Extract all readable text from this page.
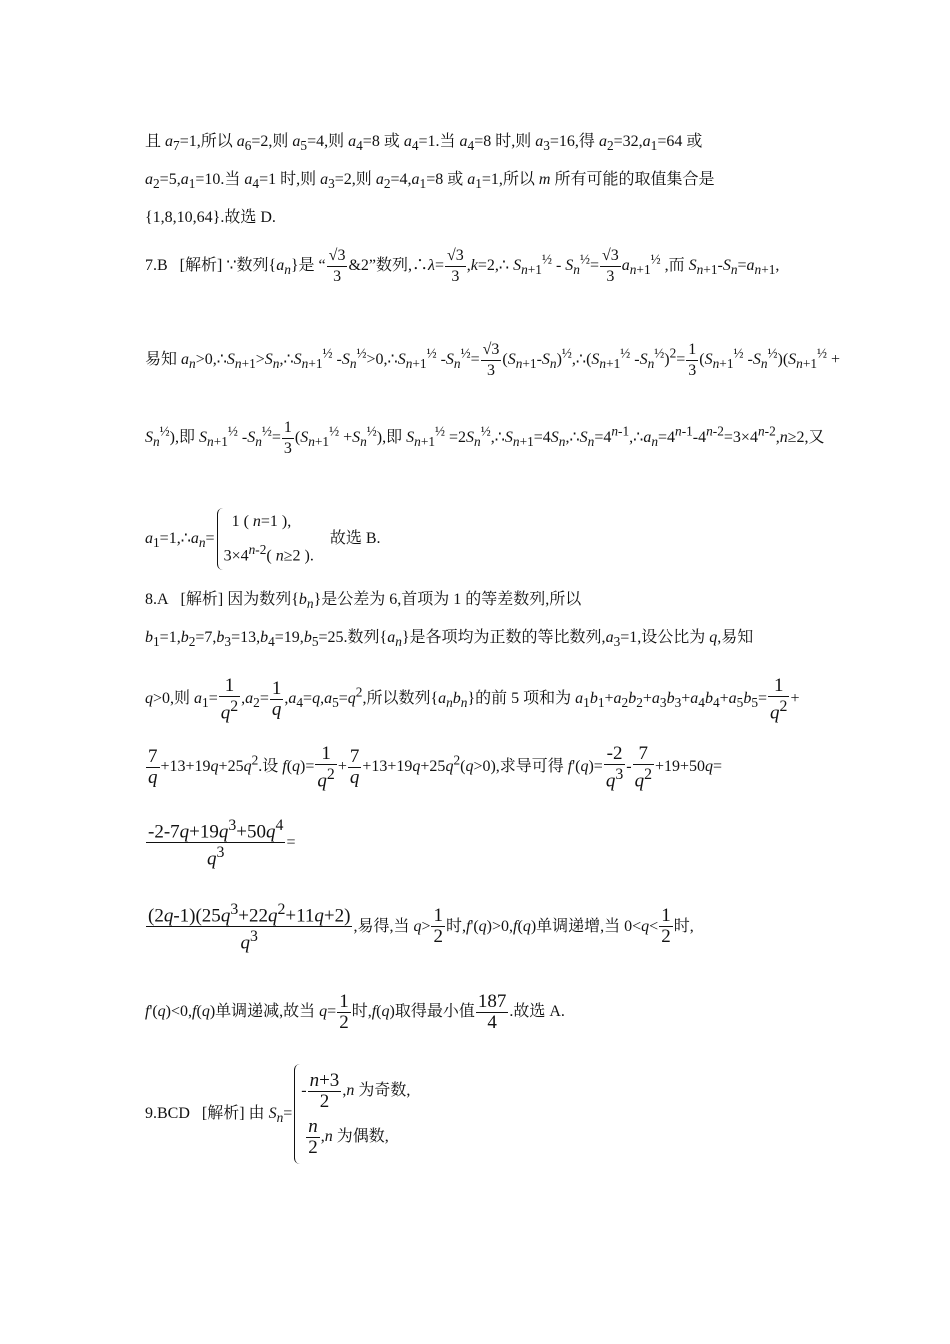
且 $a_7=1$,所以 $a_6=2$,则 $a_5=4$,则 $a_4=8$ 或 $a_4=1$.当 $a_4=8$ 时,则 $a_3=16$,得 $a_2=32,a_1=64$ 或
$a_2=5,a_1=10$.当 $a_4=1$ 时,则 $a_3=2$,则 $a_2=4,a_1=8$ 或 $a_1=1$,所以 m 所有可能的取值集合是
{1,8,10,64}.故选 D.
7.B   [解析] ∵数列$\{a_n\}$是 “ $\frac{√3}{3}$ &2”数列,∴λ= $\frac{√3}{3}$ ,k=2,∴ $S_{n+1}^{\frac{1}{2}} - S_n^{\frac{1}{2}}= \frac{√3}{3} a_{n+1}^{\frac{1}{2}}$ ,而 $S_{n+1}-S_n=a_{n+1}$,
易知 $a_n>0,\therefore S_{n+1}>S_n,\therefore S_{n+1}^{\frac{1}{2}}$ $-S_n^{\frac{1}{2}}>0,\therefore S_{n+1}^{\frac{1}{2}}$ $-S_n^{\frac{1}{2}}= \frac{√3}{3}$ $(S_{n+1}-S_n)^{\frac{1}{2}},\therefore(S_{n+1}^{\frac{1}{2}}$ $-S_n^{\frac{1}{2}})^2= \frac{1}{3} (S_{n+1}^{\frac{1}{2}}$ $-S_n^{\frac{1}{2}})(S_{n+1}^{\frac{1}{2}}$ +
$S_n^{\frac{1}{2}}$),即 $S_{n+1}^{\frac{1}{2}}$ $-S_n^{\frac{1}{2}}= \frac{1}{3} (S_{n+1}^{\frac{1}{2}} +S_n^{\frac{1}{2}})$,即 $S_{n+1}^{\frac{1}{2}}$ $=2S_n^{\frac{1}{2}},\therefore S_{n+1}=4S_n,\therefore S_n=4^{n-1},\therefore a_n=4^{n-1}-4^{n-2}=3\times 4^{n-2},n\ge 2$,又
$a_1=1,\therefore a_n=$
1 ( n=1 ),
$3\times 4^{n-2}$( n≥2 ).
故选 B.
8.A   [解析] 因为数列$\{b_n\}$是公差为 6,首项为 1 的等差数列,所以
$b_1=1,b_2=7,b_3=13,b_4=19,b_5=25$.数列$\{a_n\}$是各项均为正数的等比数列$,a_3=1$,设公比为 q,易知
q>0,则 $a_1= \frac{1}{q^2} ,a_2= \frac{1}{q} ,a_4=q,a_5=q^2$,所以数列$\{a_nb_n\}$的前 5 项和为 $a_1b_1+a_2b_2+a_3b_3+a_4b_4+a_5b_5= \frac{1}{q^2}$ +
$\frac{7}{q} +13+19q+25q^2$.设 $f(q)= \frac{1}{q^2} + \frac{7}{q} +13+19q+25q^2(q>0)$,求导可得 $f'(q)= \frac{-2}{q^3} - \frac{7}{q^2} +19+50q=$
$\frac{-2-7q+19q^3+50q^4}{q^3}$ =
$\frac{(2q-1)(25q^3+22q^2+11q+2)}{q^3}$ ,易得,当 $q> \frac{1}{2}$ 时,f'(q)>0,f(q)单调递增,当 $0<q< \frac{1}{2}$ 时,
f'(q)<0,f(q)单调递减,故当 $q= \frac{1}{2}$ 时,f(q)取得最小值 $\frac{187}{4}$ .故选 A.
9.BCD   [解析] 由 $S_n=$
- $\frac{n+3}{2} ,n$ 为奇数,

$\frac{n}{2} ,n$ 为偶数,
